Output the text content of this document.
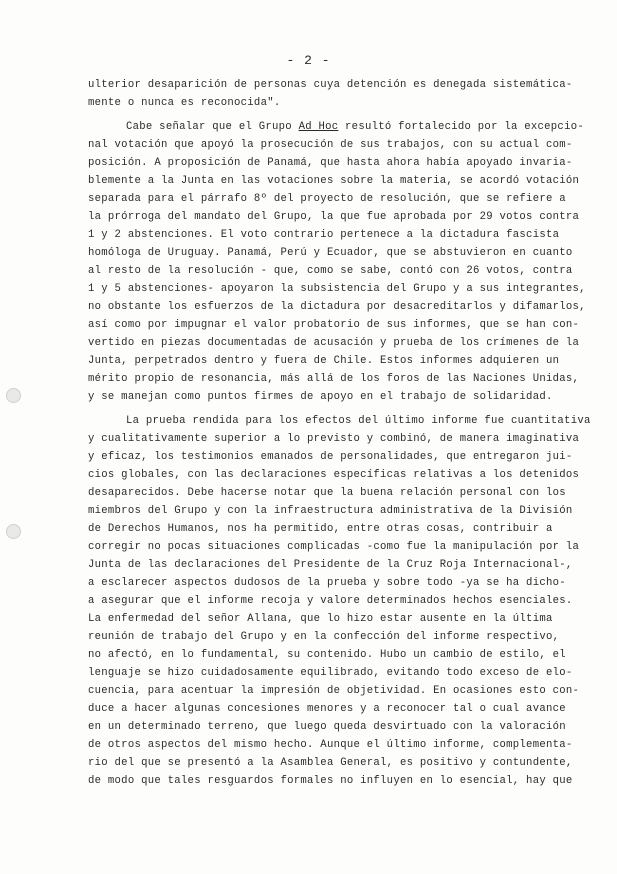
- 2 -
ulterior desaparición de personas cuya detención es denegada sistemática-
mente o nunca es reconocida".
Cabe señalar que el Grupo Ad Hoc resultó fortalecido por la excepcio-
nal votación que apoyó la prosecución de sus trabajos, con su actual com-
posición. A proposición de Panamá, que hasta ahora había apoyado invaria-
blemente a la Junta en las votaciones sobre la materia, se acordó votación
separada para el párrafo 8º del proyecto de resolución, que se refiere a
la prórroga del mandato del Grupo, la que fue aprobada por 29 votos contra
1 y 2 abstenciones. El voto contrario pertenece a la dictadura fascista
homóloga de Uruguay. Panamá, Perú y Ecuador, que se abstuvieron en cuanto
al resto de la resolución - que, como se sabe, contó con 26 votos, contra
1 y 5 abstenciones- apoyaron la subsistencia del Grupo y a sus integrantes,
no obstante los esfuerzos de la dictadura por desacreditarlos y difamarlos,
así como por impugnar el valor probatorio de sus informes, que se han con-
vertido en piezas documentadas de acusación y prueba de los crímenes de la
Junta, perpetrados dentro y fuera de Chile. Estos informes adquieren un
mérito propio de resonancia, más allá de los foros de las Naciones Unidas,
y se manejan como puntos firmes de apoyo en el trabajo de solidaridad.
La prueba rendida para los efectos del último informe fue cuantitativa
y cualitativamente superior a lo previsto y combinó, de manera imaginativa
y eficaz, los testimonios emanados de personalidades, que entregaron jui-
cios globales, con las declaraciones específicas relativas a los detenidos
desaparecidos. Debe hacerse notar que la buena relación personal con los
miembros del Grupo y con la infraestructura administrativa de la División
de Derechos Humanos, nos ha permitido, entre otras cosas, contribuir a
corregir no pocas situaciones complicadas -como fue la manipulación por la
Junta de las declaraciones del Presidente de la Cruz Roja Internacional-,
a esclarecer aspectos dudosos de la prueba y sobre todo -ya se ha dicho-
a asegurar que el informe recoja y valore determinados hechos esenciales.
La enfermedad del señor Allana, que lo hizo estar ausente en la última
reunión de trabajo del Grupo y en la confección del informe respectivo,
no afectó, en lo fundamental, su contenido. Hubo un cambio de estilo, el
lenguaje se hizo cuidadosamente equilibrado, evitando todo exceso de elo-
cuencia, para acentuar la impresión de objetividad. En ocasiones esto con-
duce a hacer algunas concesiones menores y a reconocer tal o cual avance
en un determinado terreno, que luego queda desvirtuado con la valoración
de otros aspectos del mismo hecho. Aunque el último informe, complementa-
rio del que se presentó a la Asamblea General, es positivo y contundente,
de modo que tales resguardos formales no influyen en lo esencial, hay que
